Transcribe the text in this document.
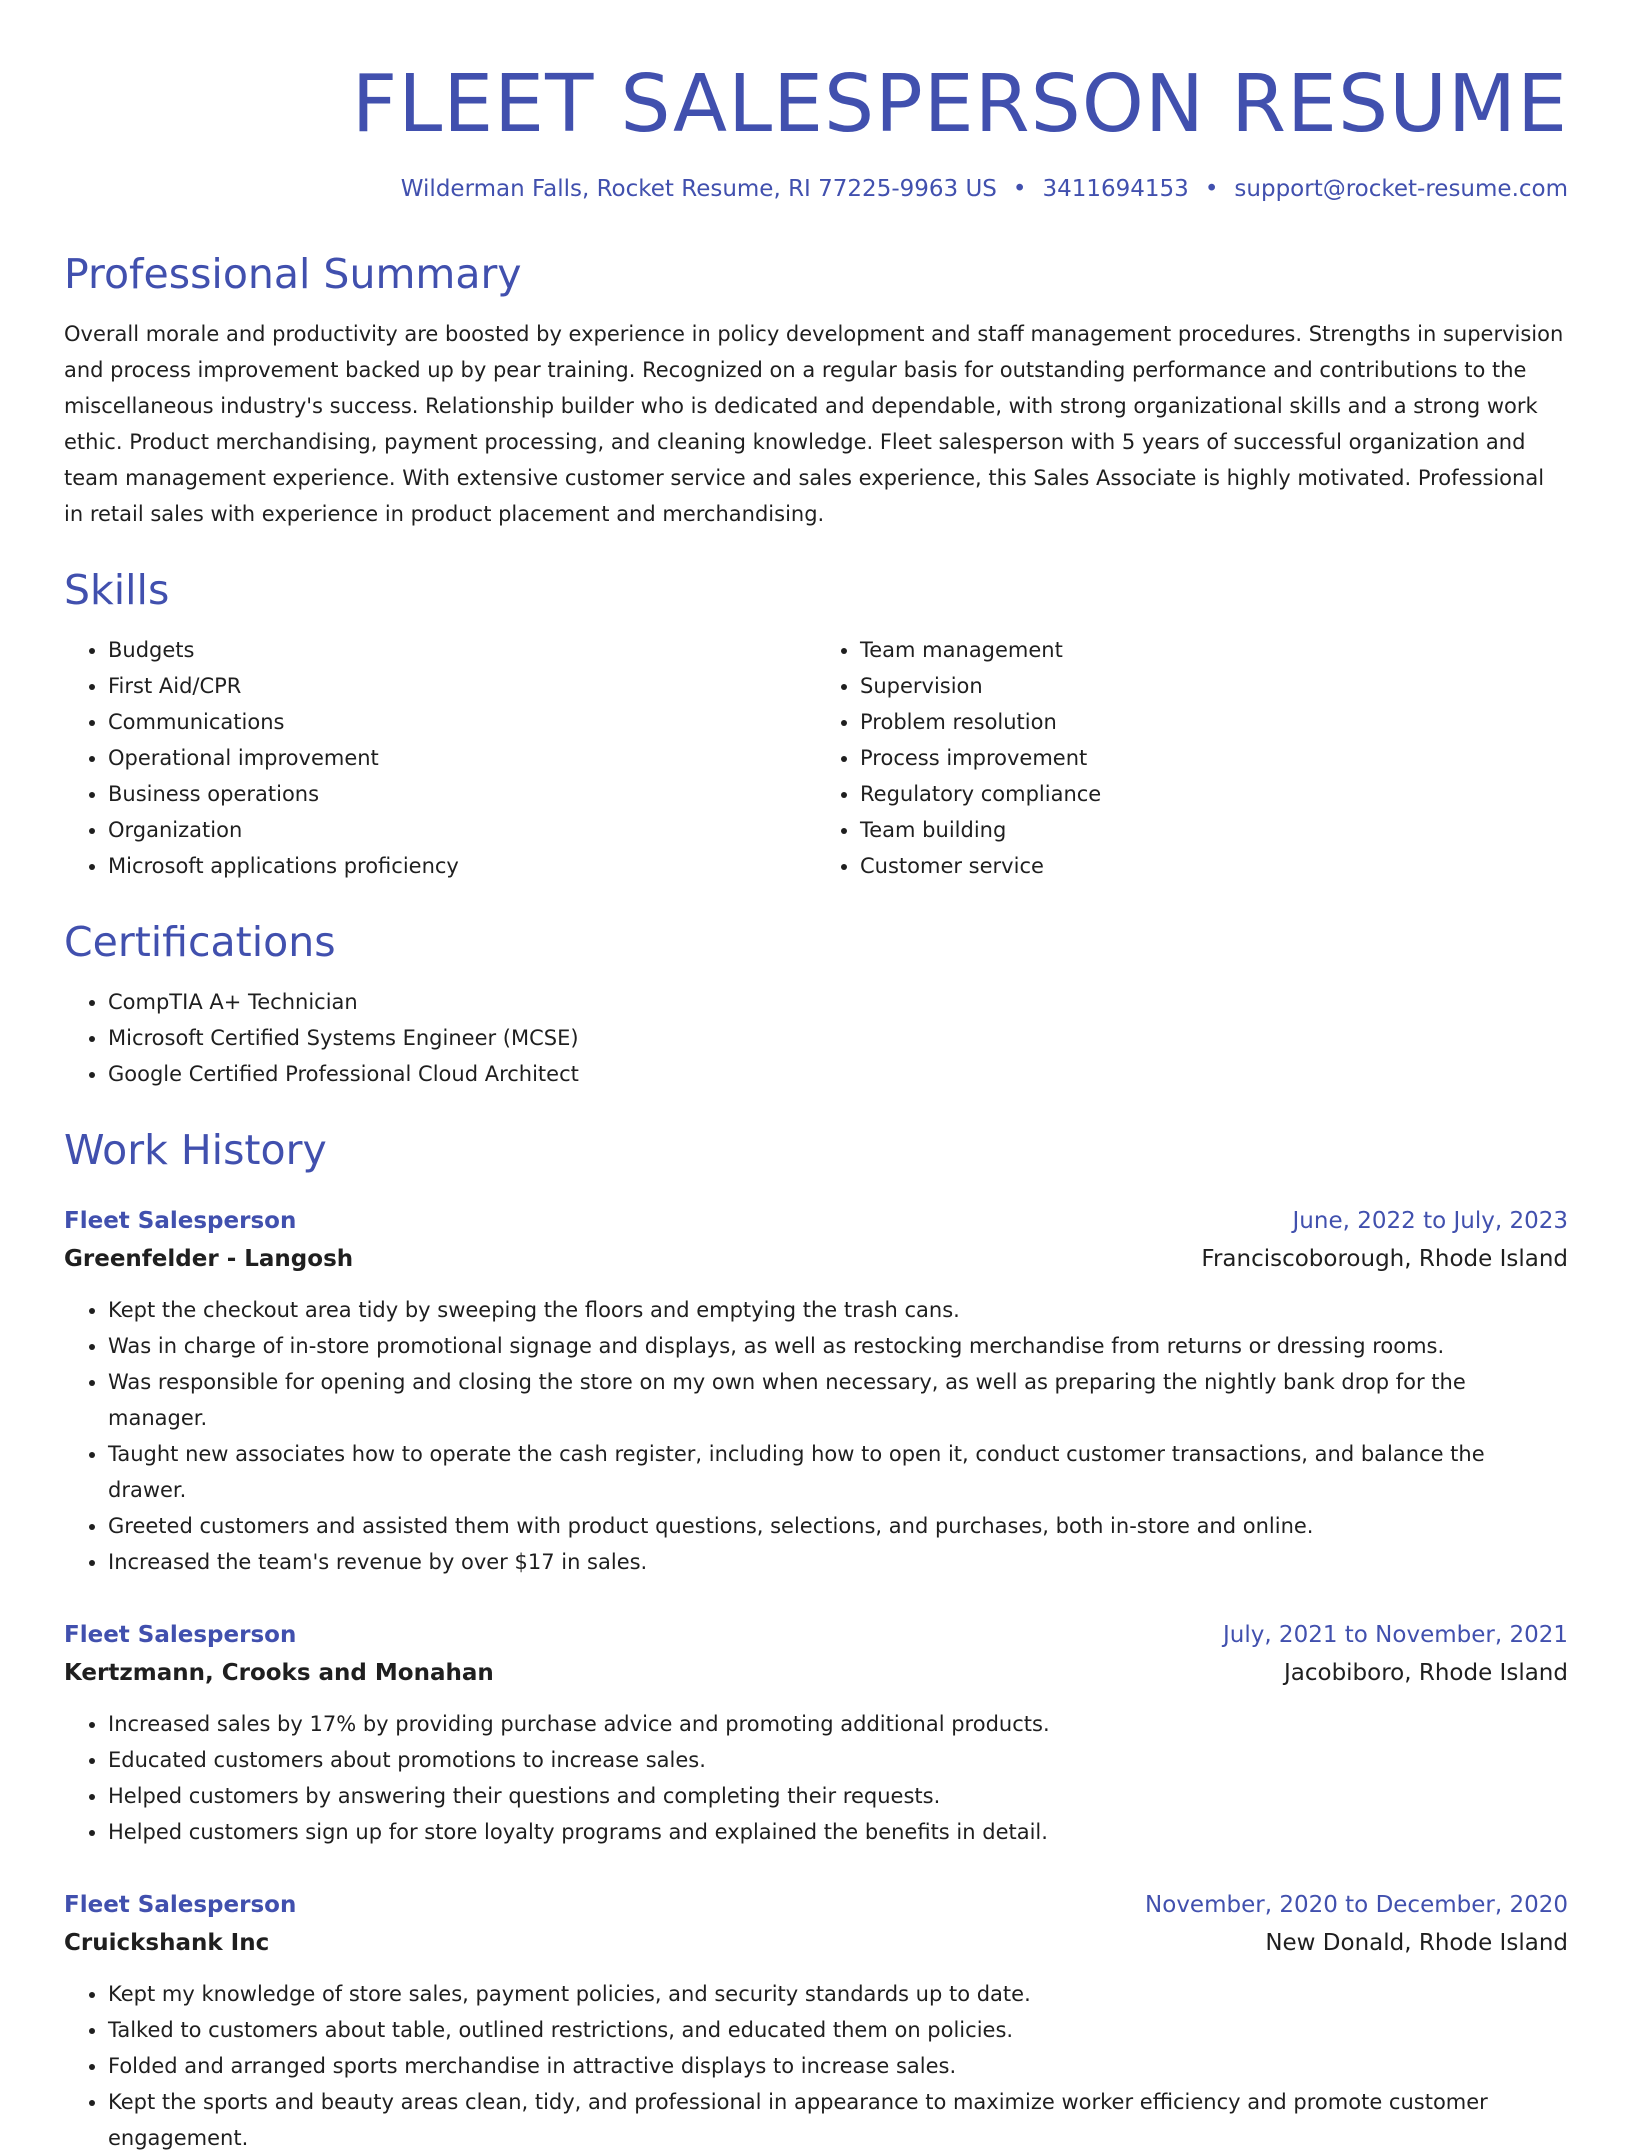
FLEET SALESPERSON RESUME
Wilderman Falls, Rocket Resume, RI 77225-9963 US • 3411694153 • support@rocket-resume.com
Professional Summary
Overall morale and productivity are boosted by experience in policy development and staff management procedures. Strengths in supervision and process improvement backed up by pear training. Recognized on a regular basis for outstanding performance and contributions to the miscellaneous industry's success. Relationship builder who is dedicated and dependable, with strong organizational skills and a strong work ethic. Product merchandising, payment processing, and cleaning knowledge. Fleet salesperson with 5 years of successful organization and team management experience. With extensive customer service and sales experience, this Sales Associate is highly motivated. Professional in retail sales with experience in product placement and merchandising.
Skills
• Budgets
• First Aid/CPR
• Communications
• Operational improvement
• Business operations
• Organization
• Microsoft applications proficiency
• Team management
• Supervision
• Problem resolution
• Process improvement
• Regulatory compliance
• Team building
• Customer service
Certifications
• CompTIA A+ Technician
• Microsoft Certified Systems Engineer (MCSE)
• Google Certified Professional Cloud Architect
Work History
Fleet Salesperson	June, 2022 to July, 2023
Greenfelder - Langosh	Franciscoborough, Rhode Island
• Kept the checkout area tidy by sweeping the floors and emptying the trash cans.
• Was in charge of in-store promotional signage and displays, as well as restocking merchandise from returns or dressing rooms.
• Was responsible for opening and closing the store on my own when necessary, as well as preparing the nightly bank drop for the manager.
• Taught new associates how to operate the cash register, including how to open it, conduct customer transactions, and balance the drawer.
• Greeted customers and assisted them with product questions, selections, and purchases, both in-store and online.
• Increased the team's revenue by over $17 in sales.
Fleet Salesperson	July, 2021 to November, 2021
Kertzmann, Crooks and Monahan	Jacobiboro, Rhode Island
• Increased sales by 17% by providing purchase advice and promoting additional products.
• Educated customers about promotions to increase sales.
• Helped customers by answering their questions and completing their requests.
• Helped customers sign up for store loyalty programs and explained the benefits in detail.
Fleet Salesperson	November, 2020 to December, 2020
Cruickshank Inc	New Donald, Rhode Island
• Kept my knowledge of store sales, payment policies, and security standards up to date.
• Talked to customers about table, outlined restrictions, and educated them on policies.
• Folded and arranged sports merchandise in attractive displays to increase sales.
• Kept the sports and beauty areas clean, tidy, and professional in appearance to maximize worker efficiency and promote customer engagement.
